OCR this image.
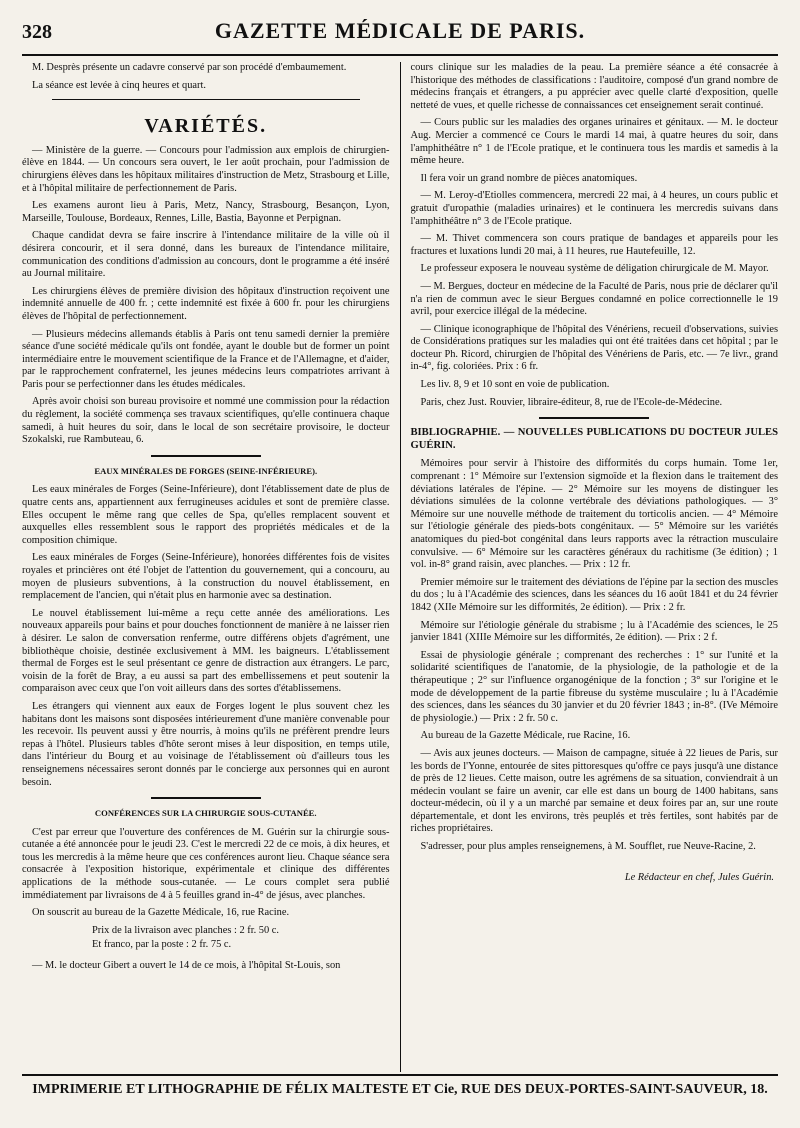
328	GAZETTE MÉDICALE DE PARIS.

M. Desprès présente un cadavre conservé par son procédé d'embaumement.

La séance est levée à cinq heures et quart.

VARIÉTÉS.

— Ministère de la guerre. — Concours pour l'admission aux emplois de chirurgien-élève en 1844. — Un concours sera ouvert, le 1er août prochain, pour l'admission de chirurgiens élèves dans les hôpitaux militaires d'instruction de Metz, Strasbourg et Lille, et à l'hôpital militaire de perfectionnement de Paris.

Les examens auront lieu à Paris, Metz, Nancy, Strasbourg, Besançon, Lyon, Marseille, Toulouse, Bordeaux, Rennes, Lille, Bastia, Bayonne et Perpignan.

Chaque candidat devra se faire inscrire à l'intendance militaire de la ville où il désirera concourir, et il sera donné, dans les bureaux de l'intendance militaire, communication des conditions d'admission au concours, dont le programme a été inséré au Journal militaire.

Les chirurgiens élèves de première division des hôpitaux d'instruction reçoivent une indemnité annuelle de 400 fr. ; cette indemnité est fixée à 600 fr. pour les chirurgiens élèves de l'hôpital de perfectionnement.

— Plusieurs médecins allemands établis à Paris ont tenu samedi dernier la première séance d'une société médicale qu'ils ont fondée, ayant le double but de former un point intermédiaire entre le mouvement scientifique de la France et de l'Allemagne, et d'aider, par le rapprochement confraternel, les jeunes médecins leurs compatriotes arrivant à Paris pour se perfectionner dans les études médicales.

Après avoir choisi son bureau provisoire et nommé une commission pour la rédaction du règlement, la société commença ses travaux scientifiques, qu'elle continuera chaque samedi, à huit heures du soir, dans le local de son secrétaire provisoire, le docteur Szokalski, rue Rambuteau, 6.

EAUX MINÉRALES DE FORGES (SEINE-INFÉRIEURE).

Les eaux minérales de Forges (Seine-Inférieure), dont l'établissement date de plus de quatre cents ans, appartiennent aux ferrugineuses acidules et sont de première classe. Elles occupent le même rang que celles de Spa, qu'elles remplacent souvent et auxquelles elles ressemblent sous le rapport des propriétés médicales et de la composition chimique.

Les eaux minérales de Forges (Seine-Inférieure), honorées différentes fois de visites royales et princières ont été l'objet de l'attention du gouvernement, qui a concouru, au moyen de plusieurs subventions, à la construction du nouvel établissement, en remplacement de l'ancien, qui n'était plus en harmonie avec sa destination.

Le nouvel établissement lui-même a reçu cette année des améliorations. Les nouveaux appareils pour bains et pour douches fonctionnent de manière à ne laisser rien à désirer. Le salon de conversation renferme, outre différens objets d'agrément, une bibliothèque choisie, destinée exclusivement à MM. les baigneurs. L'établissement thermal de Forges est le seul présentant ce genre de distraction aux étrangers. Le parc, voisin de la forêt de Bray, a eu aussi sa part des embellissemens et peut soutenir la comparaison avec ceux que l'on voit ailleurs dans des sortes d'établissemens.

Les étrangers qui viennent aux eaux de Forges logent le plus souvent chez les habitans dont les maisons sont disposées intérieurement d'une manière convenable pour les recevoir. Ils peuvent aussi y être nourris, à moins qu'ils ne préfèrent prendre leurs repas à l'hôtel. Plusieurs tables d'hôte seront mises à leur disposition, en temps utile, dans l'intérieur du Bourg et au voisinage de l'établissement où d'ailleurs tous les renseignemens nécessaires seront donnés par le concierge aux personnes qui en auront besoin.

CONFÉRENCES SUR LA CHIRURGIE SOUS-CUTANÉE.

C'est par erreur que l'ouverture des conférences de M. Guérin sur la chirurgie sous-cutanée a été annoncée pour le jeudi 23. C'est le mercredi 22 de ce mois, à dix heures, et tous les mercredis à la même heure que ces conférences auront lieu. Chaque séance sera consacrée à l'exposition historique, expérimentale et clinique des différentes applications de la méthode sous-cutanée. — Le cours complet sera publié immédiatement par livraisons de 4 à 5 feuilles grand in-4° de jésus, avec planches.

On souscrit au bureau de la Gazette Médicale, 16, rue Racine.

Prix de la livraison avec planches : 2 fr. 50 c.
Et franco, par la poste : 2 fr. 75 c.

— M. le docteur Gibert a ouvert le 14 de ce mois, à l'hôpital St-Louis, son

cours clinique sur les maladies de la peau. La première séance a été consacrée à l'historique des méthodes de classifications : l'auditoire, composé d'un grand nombre de médecins français et étrangers, a pu apprécier avec quelle clarté d'exposition, quelle netteté de vues, et quelle richesse de connaissances cet enseignement serait continué.

— Cours public sur les maladies des organes urinaires et génitaux. — M. le docteur Aug. Mercier a commencé ce Cours le mardi 14 mai, à quatre heures du soir, dans l'amphithéâtre n° 1 de l'Ecole pratique, et le continuera tous les mardis et samedis à la même heure.

Il fera voir un grand nombre de pièces anatomiques.

— M. Leroy-d'Etiolles commencera, mercredi 22 mai, à 4 heures, un cours public et gratuit d'uropathie (maladies urinaires) et le continuera les mercredis suivans dans l'amphithéâtre n° 3 de l'Ecole pratique.

— M. Thivet commencera son cours pratique de bandages et appareils pour les fractures et luxations lundi 20 mai, à 11 heures, rue Hautefeuille, 12.

Le professeur exposera le nouveau système de déligation chirurgicale de M. Mayor.

— M. Bergues, docteur en médecine de la Faculté de Paris, nous prie de déclarer qu'il n'a rien de commun avec le sieur Bergues condamné en police correctionnelle le 19 avril, pour exercice illégal de la médecine.

— Clinique iconographique de l'hôpital des Vénériens, recueil d'observations, suivies de Considérations pratiques sur les maladies qui ont été traitées dans cet hôpital ; par le docteur Ph. Ricord, chirurgien de l'hôpital des Vénériens de Paris, etc. — 7e livr., grand in-4°, fig. coloriées. Prix : 6 fr.

Les liv. 8, 9 et 10 sont en voie de publication.

Paris, chez Just. Rouvier, libraire-éditeur, 8, rue de l'Ecole-de-Médecine.

BIBLIOGRAPHIE. — NOUVELLES PUBLICATIONS DU DOCTEUR JULES GUÉRIN.

Mémoires pour servir à l'histoire des difformités du corps humain. Tome 1er, comprenant : 1° Mémoire sur l'extension sigmoïde et la flexion dans le traitement des déviations latérales de l'épine. — 2° Mémoire sur les moyens de distinguer les déviations simulées de la colonne vertébrale des déviations pathologiques. — 3° Mémoire sur une nouvelle méthode de traitement du torticolis ancien. — 4° Mémoire sur l'étiologie générale des pieds-bots congénitaux. — 5° Mémoire sur les variétés anatomiques du pied-bot congénital dans leurs rapports avec la rétraction musculaire convulsive. — 6° Mémoire sur les caractères généraux du rachitisme (3e édition) ; 1 vol. in-8° grand raisin, avec planches. — Prix : 12 fr.

Premier mémoire sur le traitement des déviations de l'épine par la section des muscles du dos ; lu à l'Académie des sciences, dans les séances du 16 août 1841 et du 24 février 1842 (XIIe Mémoire sur les difformités, 2e édition). — Prix : 2 fr.

Mémoire sur l'étiologie générale du strabisme ; lu à l'Académie des sciences, le 25 janvier 1841 (XIIIe Mémoire sur les difformités, 2e édition). — Prix : 2 f.

Essai de physiologie générale ; comprenant des recherches : 1° sur l'unité et la solidarité scientifiques de l'anatomie, de la physiologie, de la pathologie et de la thérapeutique ; 2° sur l'influence organogénique de la fonction ; 3° sur l'origine et le mode de développement de la partie fibreuse du système musculaire ; lu à l'Académie des sciences, dans les séances du 30 janvier et du 20 février 1843 ; in-8°. (IVe Mémoire de physiologie.) — Prix : 2 fr. 50 c.

Au bureau de la Gazette Médicale, rue Racine, 16.

— Avis aux jeunes docteurs. — Maison de campagne, située à 22 lieues de Paris, sur les bords de l'Yonne, entourée de sites pittoresques qu'offre ce pays jusqu'à une distance de près de 12 lieues. Cette maison, outre les agrémens de sa situation, conviendrait à un médecin voulant se faire un avenir, car elle est dans un bourg de 1400 habitans, sans docteur-médecin, où il y a un marché par semaine et deux foires par an, sur une route départementale, et dont les environs, très peuplés et très fertiles, sont habités par de riches propriétaires.

S'adresser, pour plus amples renseignemens, à M. Soufflet, rue Neuve-Racine, 2.

Le Rédacteur en chef, Jules Guérin.
IMPRIMERIE ET LITHOGRAPHIE DE FÉLIX MALTESTE ET Cie, RUE DES DEUX-PORTES-SAINT-SAUVEUR, 18.
